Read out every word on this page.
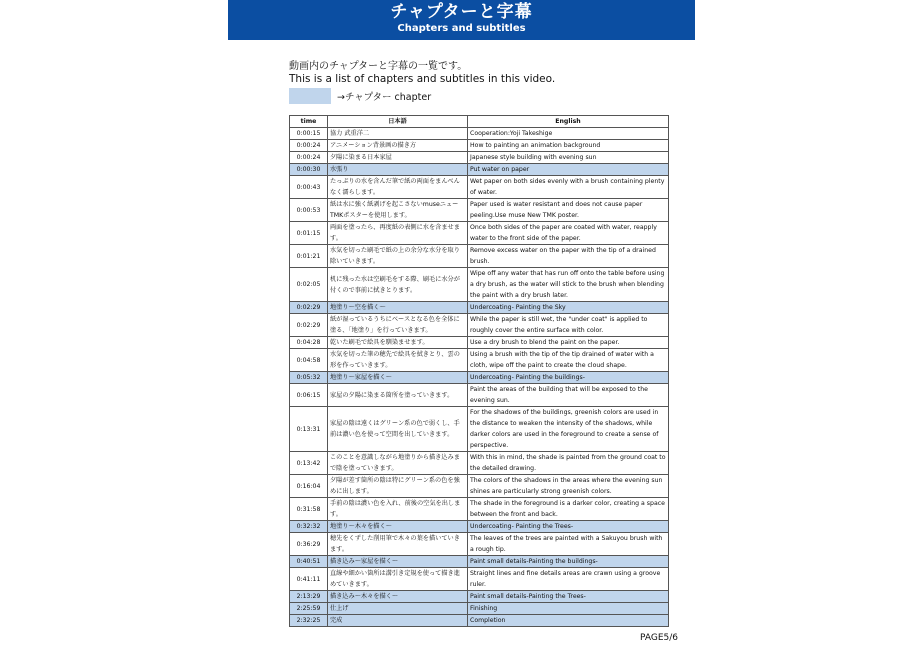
チャプターと字幕
Chapters and subtitles
動画内のチャプターと字幕の一覧です。
This is a list of chapters and subtitles in this video.
→チャプター chapter
time	日本語	English
0:00:15	協力 武重洋二	Cooperation:Yoji Takeshige
0:00:24	アニメーション背景画の描き方	How to painting an animation background
0:00:24	夕陽に染まる日本家屋	Japanese style building with evening sun
0:00:30	水張り	Put water on paper
0:00:43	たっぷりの水を含んだ筆で紙の両面をまんべんなく濡らします。	Wet paper on both sides evenly with a brush containing plenty of water.
0:00:53	紙は水に強く紙剥げを起こさないmuseニューTMKポスターを使用します。	Paper used is water resistant and does not cause paper peeling.Use muse New TMK poster.
0:01:15	両面を塗ったら、再度紙の表側に水を含ませます。	Once both sides of the paper are coated with water, reapply water to the front side of the paper.
0:01:21	水気を切った刷毛で紙の上の余分な水分を取り除いていきます。	Remove excess water on the paper with the tip of a drained brush.
0:02:05	机に残った水は空刷毛をする際、刷毛に水分が付くので事前に拭きとります。	Wipe off any water that has run off onto the table before using a dry brush, as the water will stick to the brush when blending the paint with a dry brush later.
0:02:29	地塗り～空を描く～	Undercoating- Painting the Sky
0:02:29	紙が湿っているうちにベースとなる色を全体に塗る、「地塗り」を行っていきます。	While the paper is still wet, the "under coat" is applied to roughly cover the entire surface with color.
0:04:28	乾いた刷毛で絵具を馴染ませます。	Use a dry brush to blend the paint on the paper.
0:04:58	水気を切った筆の穂先で絵具を拭きとり、雲の形を作っていきます。	Using a brush with the tip of the tip drained of water with a cloth, wipe off the paint to create the cloud shape.
0:05:32	地塗り～家屋を描く～	Undercoating- Painting the buildings-
0:06:15	家屋の夕陽に染まる箇所を塗っていきます。	Paint the areas of the building that will be exposed to the evening sun.
0:13:31	家屋の陰は遠くはグリーン系の色で弱くし、手前は濃い色を使って空間を出していきます。	For the shadows of the buildings, greenish colors are used in the distance to weaken the intensity of the shadows, while darker colors are used in the foreground to create a sense of perspective.
0:13:42	このことを意識しながら地塗りから描き込みまで陰を塗っていきます。	With this in mind, the shade is painted from the ground coat to the detailed drawing.
0:16:04	夕陽が差す箇所の陰は特にグリーン系の色を強めに出します。	The colors of the shadows in the areas where the evening sun shines are particularly strong greenish colors.
0:31:58	手前の陰は濃い色を入れ、前後の空気を出します。	The shade in the foreground is a darker color, creating a space between the front and back.
0:32:32	地塗り～木々を描く～	Undercoating- Painting the Trees-
0:36:29	穂先をくずした削用筆で木々の葉を描いていきます。	The leaves of the trees are painted with a Sakuyou brush with a rough tip.
0:40:51	描き込み～家屋を描く～	Paint small details-Painting the buildings-
0:41:11	直線や細かい箇所は溝引き定規を使って描き進めていきます。	Straight lines and fine details areas are crawn using a groove ruler.
2:13:29	描き込み～木々を描く～	Paint small details-Painting the Trees-
2:25:59	仕上げ	Finishing
2:32:25	完成	Completion
PAGE5/6
